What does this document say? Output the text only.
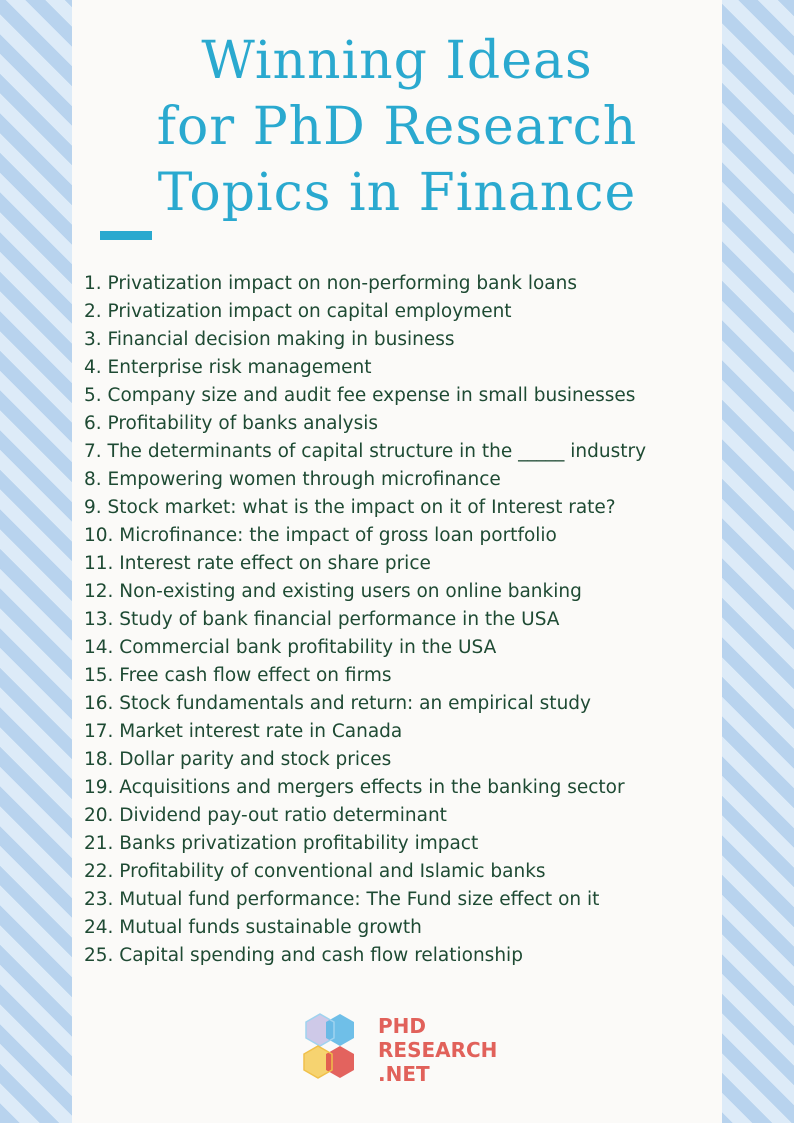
Winning Ideas
for PhD Research
Topics in Finance
1. Privatization impact on non-performing bank loans
2. Privatization impact on capital employment
3. Financial decision making in business
4. Enterprise risk management
5. Company size and audit fee expense in small businesses
6. Profitability of banks analysis
7. The determinants of capital structure in the _____ industry
8. Empowering women through microfinance
9. Stock market: what is the impact on it of Interest rate?
10. Microfinance: the impact of gross loan portfolio
11. Interest rate effect on share price
12. Non-existing and existing users on online banking
13. Study of bank financial performance in the USA
14. Commercial bank profitability in the USA
15. Free cash flow effect on firms
16. Stock fundamentals and return: an empirical study
17. Market interest rate in Canada
18. Dollar parity and stock prices
19. Acquisitions and mergers effects in the banking sector
20. Dividend pay-out ratio determinant
21. Banks privatization profitability impact
22. Profitability of conventional and Islamic banks
23. Mutual fund performance: The Fund size effect on it
24. Mutual funds sustainable growth
25. Capital spending and cash flow relationship
PHD
RESEARCH
.NET
